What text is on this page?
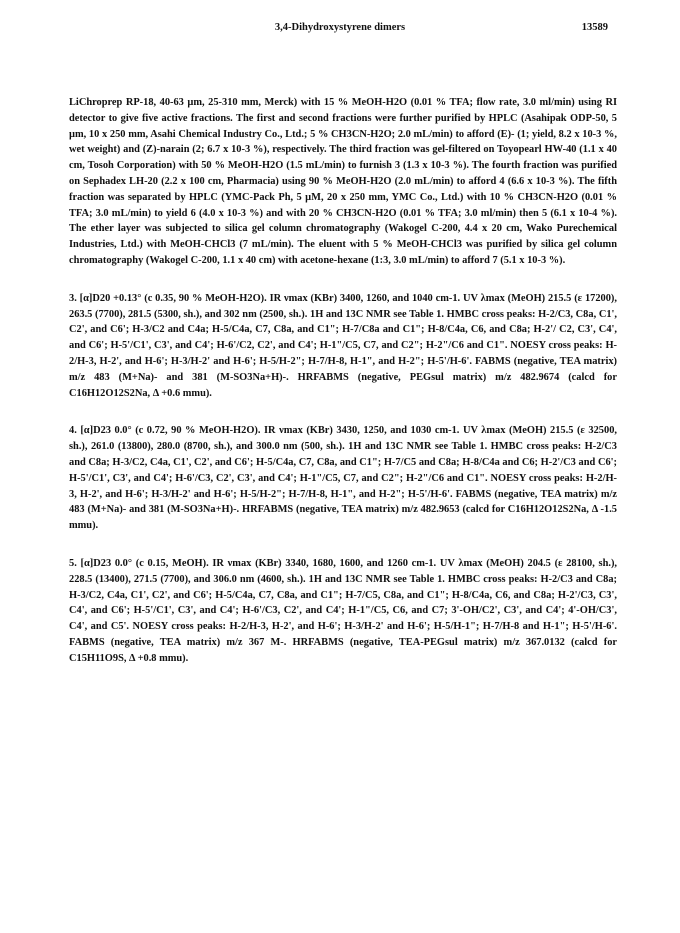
3,4-Dihydroxystyrene dimers	13589

LiChroprep RP-18, 40-63 µm, 25-310 mm, Merck) with 15 % MeOH-H2O (0.01 % TFA; flow rate, 3.0 ml/min) using RI detector to give five active fractions. The first and second fractions were further purified by HPLC (Asahipak ODP-50, 5 µm, 10 x 250 mm, Asahi Chemical Industry Co., Ltd.; 5 % CH3CN-H2O; 2.0 mL/min) to afford (E)- (1; yield, 8.2 x 10-3 %, wet weight) and (Z)-narain (2; 6.7 x 10-3 %), respectively. The third fraction was gel-filtered on Toyopearl HW-40 (1.1 x 40 cm, Tosoh Corporation) with 50 % MeOH-H2O (1.5 mL/min) to furnish 3 (1.3 x 10-3 %). The fourth fraction was purified on Sephadex LH-20 (2.2 x 100 cm, Pharmacia) using 90 % MeOH-H2O (2.0 mL/min) to afford 4 (6.6 x 10-3 %). The fifth fraction was separated by HPLC (YMC-Pack Ph, 5 µM, 20 x 250 mm, YMC Co., Ltd.) with 10 % CH3CN-H2O (0.01 % TFA; 3.0 mL/min) to yield 6 (4.0 x 10-3 %) and with 20 % CH3CN-H2O (0.01 % TFA; 3.0 ml/min) then 5 (6.1 x 10-4 %). The ether layer was subjected to silica gel column chromatography (Wakogel C-200, 4.4 x 20 cm, Wako Purechemical Industries, Ltd.) with MeOH-CHCl3 (7 mL/min). The eluent with 5 % MeOH-CHCl3 was purified by silica gel column chromatography (Wakogel C-200, 1.1 x 40 cm) with acetone-hexane (1:3, 3.0 mL/min) to afford 7 (5.1 x 10-3 %).

3. [α]D20 +0.13° (c 0.35, 90 % MeOH-H2O). IR νmax (KBr) 3400, 1260, and 1040 cm-1. UV λmax (MeOH) 215.5 (ε 17200), 263.5 (7700), 281.5 (5300, sh.), and 302 nm (2500, sh.). 1H and 13C NMR see Table 1. HMBC cross peaks: H-2/C3, C8a, C1', C2', and C6'; H-3/C2 and C4a; H-5/C4a, C7, C8a, and C1"; H-7/C8a and C1"; H-8/C4a, C6, and C8a; H-2'/ C2, C3', C4', and C6'; H-5'/C1', C3', and C4'; H-6'/C2, C2', and C4'; H-1"/C5, C7, and C2"; H-2"/C6 and C1". NOESY cross peaks: H-2/H-3, H-2', and H-6'; H-3/H-2' and H-6'; H-5/H-2"; H-7/H-8, H-1", and H-2"; H-5'/H-6'. FABMS (negative, TEA matrix) m/z 483 (M+Na)- and 381 (M-SO3Na+H)-. HRFABMS (negative, PEGsul matrix) m/z 482.9674 (calcd for C16H12O12S2Na, Δ +0.6 mmu).

4. [α]D23 0.0° (c 0.72, 90 % MeOH-H2O). IR νmax (KBr) 3430, 1250, and 1030 cm-1. UV λmax (MeOH) 215.5 (ε 32500, sh.), 261.0 (13800), 280.0 (8700, sh.), and 300.0 nm (500, sh.). 1H and 13C NMR see Table 1. HMBC cross peaks: H-2/C3 and C8a; H-3/C2, C4a, C1', C2', and C6'; H-5/C4a, C7, C8a, and C1"; H-7/C5 and C8a; H-8/C4a and C6; H-2'/C3 and C6'; H-5'/C1', C3', and C4'; H-6'/C3, C2', C3', and C4'; H-1"/C5, C7, and C2"; H-2"/C6 and C1". NOESY cross peaks: H-2/H-3, H-2', and H-6'; H-3/H-2' and H-6'; H-5/H-2"; H-7/H-8, H-1", and H-2"; H-5'/H-6'. FABMS (negative, TEA matrix) m/z 483 (M+Na)- and 381 (M-SO3Na+H)-. HRFABMS (negative, TEA matrix) m/z 482.9653 (calcd for C16H12O12S2Na, Δ -1.5 mmu).

5. [α]D23 0.0° (c 0.15, MeOH). IR νmax (KBr) 3340, 1680, 1600, and 1260 cm-1. UV λmax (MeOH) 204.5 (ε 28100, sh.), 228.5 (13400), 271.5 (7700), and 306.0 nm (4600, sh.). 1H and 13C NMR see Table 1. HMBC cross peaks: H-2/C3 and C8a; H-3/C2, C4a, C1', C2', and C6'; H-5/C4a, C7, C8a, and C1"; H-7/C5, C8a, and C1"; H-8/C4a, C6, and C8a; H-2'/C3, C3', C4', and C6'; H-5'/C1', C3', and C4'; H-6'/C3, C2', and C4'; H-1"/C5, C6, and C7; 3'-OH/C2', C3', and C4'; 4'-OH/C3', C4', and C5'. NOESY cross peaks: H-2/H-3, H-2', and H-6'; H-3/H-2' and H-6'; H-5/H-1"; H-7/H-8 and H-1"; H-5'/H-6'. FABMS (negative, TEA matrix) m/z 367 M-. HRFABMS (negative, TEA-PEGsul matrix) m/z 367.0132 (calcd for C15H11O9S, Δ +0.8 mmu).
